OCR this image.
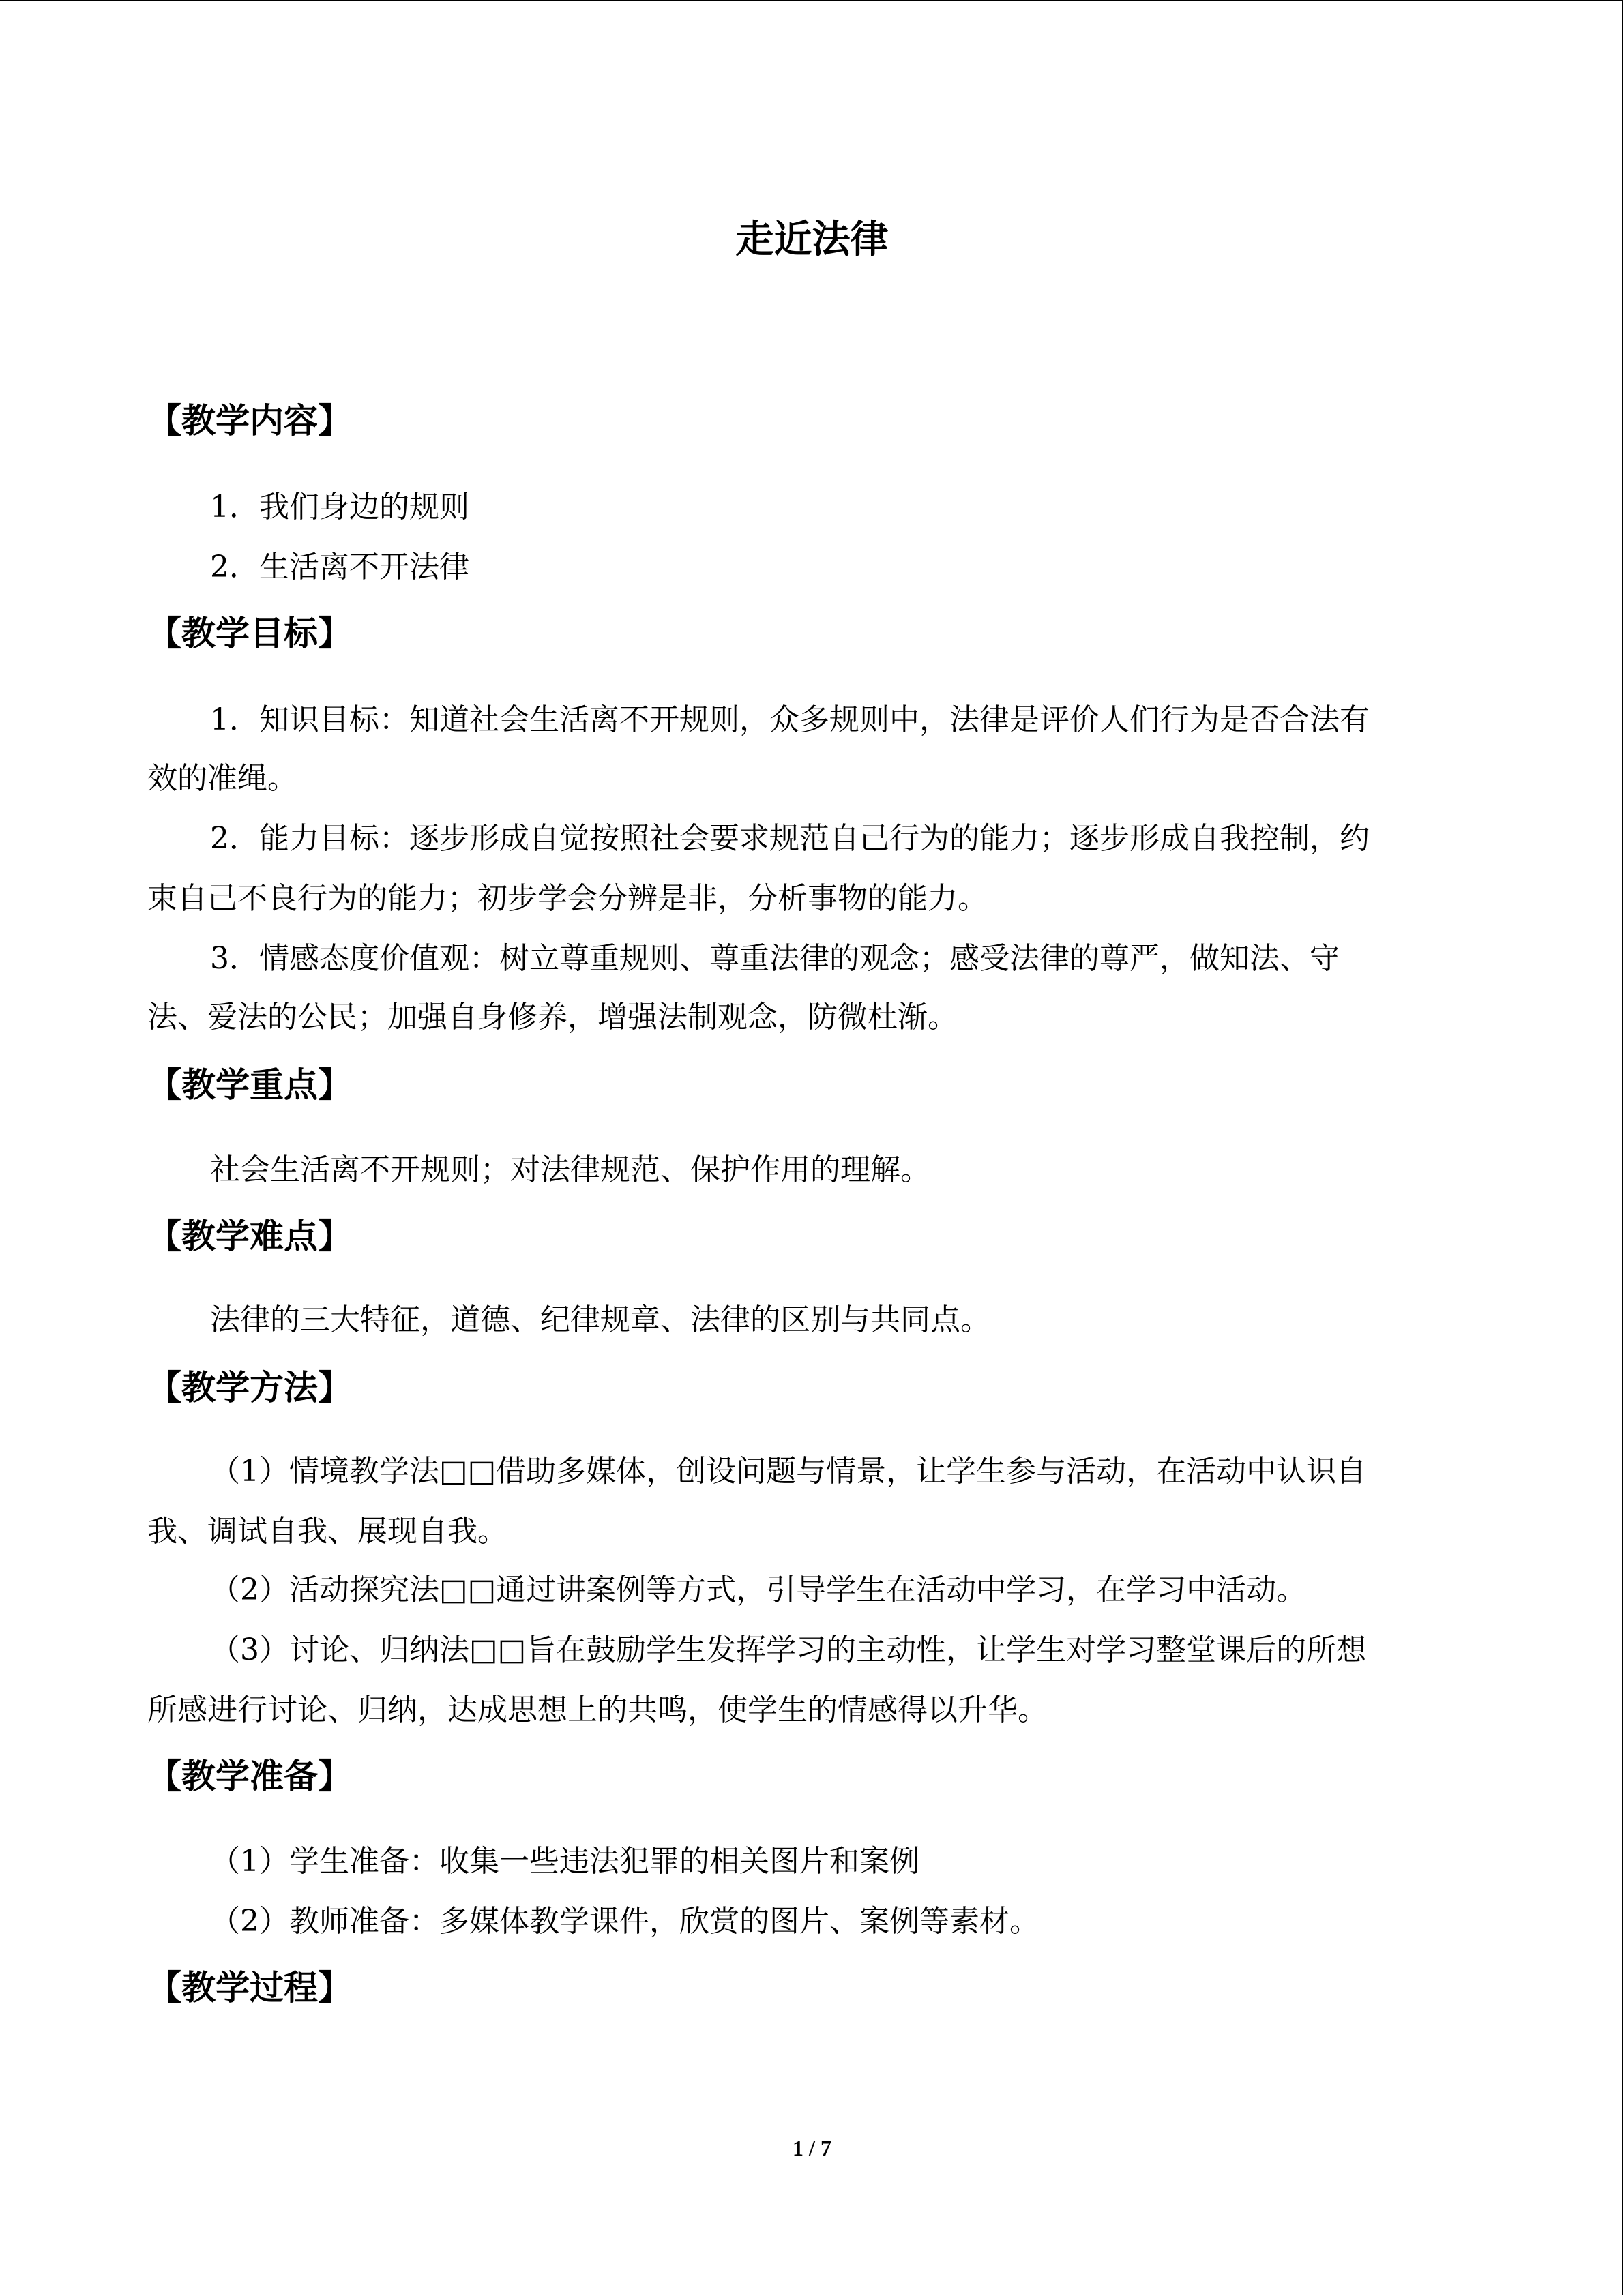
走近法律
【教学内容】

1．我们身边的规则

2．生活离不开法律

【教学目标】

1．知识目标：知道社会生活离不开规则，众多规则中，法律是评价人们行为是否合法有

效的准绳。

2．能力目标：逐步形成自觉按照社会要求规范自己行为的能力；逐步形成自我控制，约

束自己不良行为的能力；初步学会分辨是非，分析事物的能力。

3．情感态度价值观：树立尊重规则、尊重法律的观念；感受法律的尊严，做知法、守

法、爱法的公民；加强自身修养，增强法制观念，防微杜渐。

【教学重点】

社会生活离不开规则；对法律规范、保护作用的理解。

【教学难点】

法律的三大特征，道德、纪律规章、法律的区别与共同点。

【教学方法】

（1）情境教学法□□借助多媒体，创设问题与情景，让学生参与活动，在活动中认识自

我、调试自我、展现自我。

（2）活动探究法□□通过讲案例等方式，引导学生在活动中学习，在学习中活动。

（3）讨论、归纳法□□旨在鼓励学生发挥学习的主动性，让学生对学习整堂课后的所想

所感进行讨论、归纳，达成思想上的共鸣，使学生的情感得以升华。

【教学准备】

（1）学生准备：收集一些违法犯罪的相关图片和案例

（2）教师准备：多媒体教学课件，欣赏的图片、案例等素材。

【教学过程】
1 / 7
